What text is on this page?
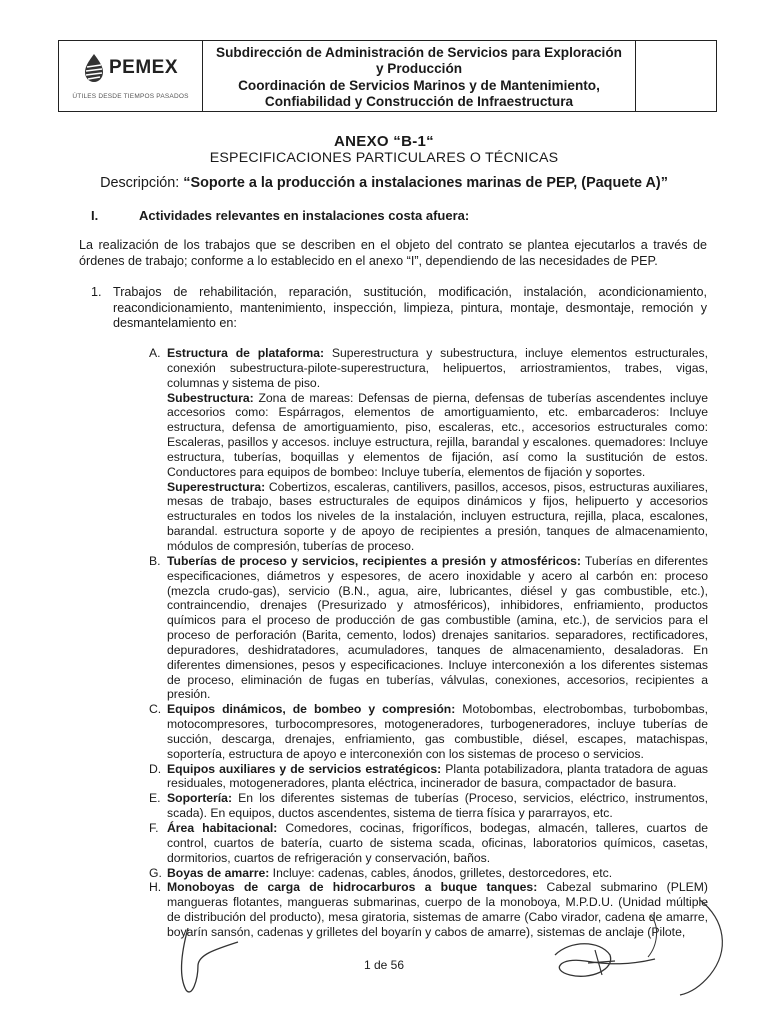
PEMEX
ÚTILES DESDE TIEMPOS PASADOS
Subdirección de Administración de Servicios para Exploración
y Producción
Coordinación de Servicios Marinos y de Mantenimiento,
Confiabilidad y Construcción de Infraestructura
ANEXO “B-1“
ESPECIFICACIONES PARTICULARES O TÉCNICAS
Descripción: “Soporte a la producción a instalaciones marinas de PEP, (Paquete A)”
I.	Actividades relevantes en instalaciones costa afuera:
La realización de los trabajos que se describen en el objeto del contrato se plantea ejecutarlos a través de órdenes de trabajo; conforme a lo establecido en el anexo “I”, dependiendo de las necesidades de PEP.
1. Trabajos de rehabilitación, reparación, sustitución, modificación, instalación, acondicionamiento, reacondicionamiento, mantenimiento, inspección, limpieza, pintura, montaje, desmontaje, remoción y desmantelamiento en:
A. Estructura de plataforma: Superestructura y subestructura, incluye elementos estructurales, conexión subestructura-pilote-superestructura, helipuertos, arriostramientos, trabes, vigas, columnas y sistema de piso.
Subestructura: Zona de mareas: Defensas de pierna, defensas de tuberías ascendentes incluye accesorios como: Espárragos, elementos de amortiguamiento, etc. embarcaderos: Incluye estructura, defensa de amortiguamiento, piso, escaleras, etc., accesorios estructurales como: Escaleras, pasillos y accesos. incluye estructura, rejilla, barandal y escalones. quemadores: Incluye estructura, tuberías, boquillas y elementos de fijación, así como la sustitución de estos. Conductores para equipos de bombeo: Incluye tubería, elementos de fijación y soportes.
Superestructura: Cobertizos, escaleras, cantilivers, pasillos, accesos, pisos, estructuras auxiliares, mesas de trabajo, bases estructurales de equipos dinámicos y fijos, helipuerto y accesorios estructurales en todos los niveles de la instalación, incluyen estructura, rejilla, placa, escalones, barandal. estructura soporte y de apoyo de recipientes a presión, tanques de almacenamiento, módulos de compresión, tuberías de proceso.
B. Tuberías de proceso y servicios, recipientes a presión y atmosféricos: Tuberías en diferentes especificaciones, diámetros y espesores, de acero inoxidable y acero al carbón en: proceso (mezcla crudo-gas), servicio (B.N., agua, aire, lubricantes, diésel y gas combustible, etc.), contraincendio, drenajes (Presurizado y atmosféricos), inhibidores, enfriamiento, productos químicos para el proceso de producción de gas combustible (amina, etc.), de servicios para el proceso de perforación (Barita, cemento, lodos) drenajes sanitarios. separadores, rectificadores, depuradores, deshidratadores, acumuladores, tanques de almacenamiento, desaladoras. En diferentes dimensiones, pesos y especificaciones. Incluye interconexión a los diferentes sistemas de proceso, eliminación de fugas en tuberías, válvulas, conexiones, accesorios, recipientes a presión.
C. Equipos dinámicos, de bombeo y compresión: Motobombas, electrobombas, turbobombas, motocompresores, turbocompresores, motogeneradores, turbogeneradores, incluye tuberías de succión, descarga, drenajes, enfriamiento, gas combustible, diésel, escapes, matachispas, soportería, estructura de apoyo e interconexión con los sistemas de proceso o servicios.
D. Equipos auxiliares y de servicios estratégicos: Planta potabilizadora, planta tratadora de aguas residuales, motogeneradores, planta eléctrica, incinerador de basura, compactador de basura.
E. Soportería: En los diferentes sistemas de tuberías (Proceso, servicios, eléctrico, instrumentos, scada). En equipos, ductos ascendentes, sistema de tierra física y pararrayos, etc.
F. Área habitacional: Comedores, cocinas, frigoríficos, bodegas, almacén, talleres, cuartos de control, cuartos de batería, cuarto de sistema scada, oficinas, laboratorios químicos, casetas, dormitorios, cuartos de refrigeración y conservación, baños.
G. Boyas de amarre: Incluye: cadenas, cables, ánodos, grilletes, destorcedores, etc.
H. Monoboyas de carga de hidrocarburos a buque tanques: Cabezal submarino (PLEM) mangueras flotantes, mangueras submarinas, cuerpo de la monoboya, M.P.D.U. (Unidad múltiple de distribución del producto), mesa giratoria, sistemas de amarre (Cabo virador, cadena de amarre, boyarín sansón, cadenas y grilletes del boyarín y cabos de amarre), sistemas de anclaje (Pilote,
1 de 56
